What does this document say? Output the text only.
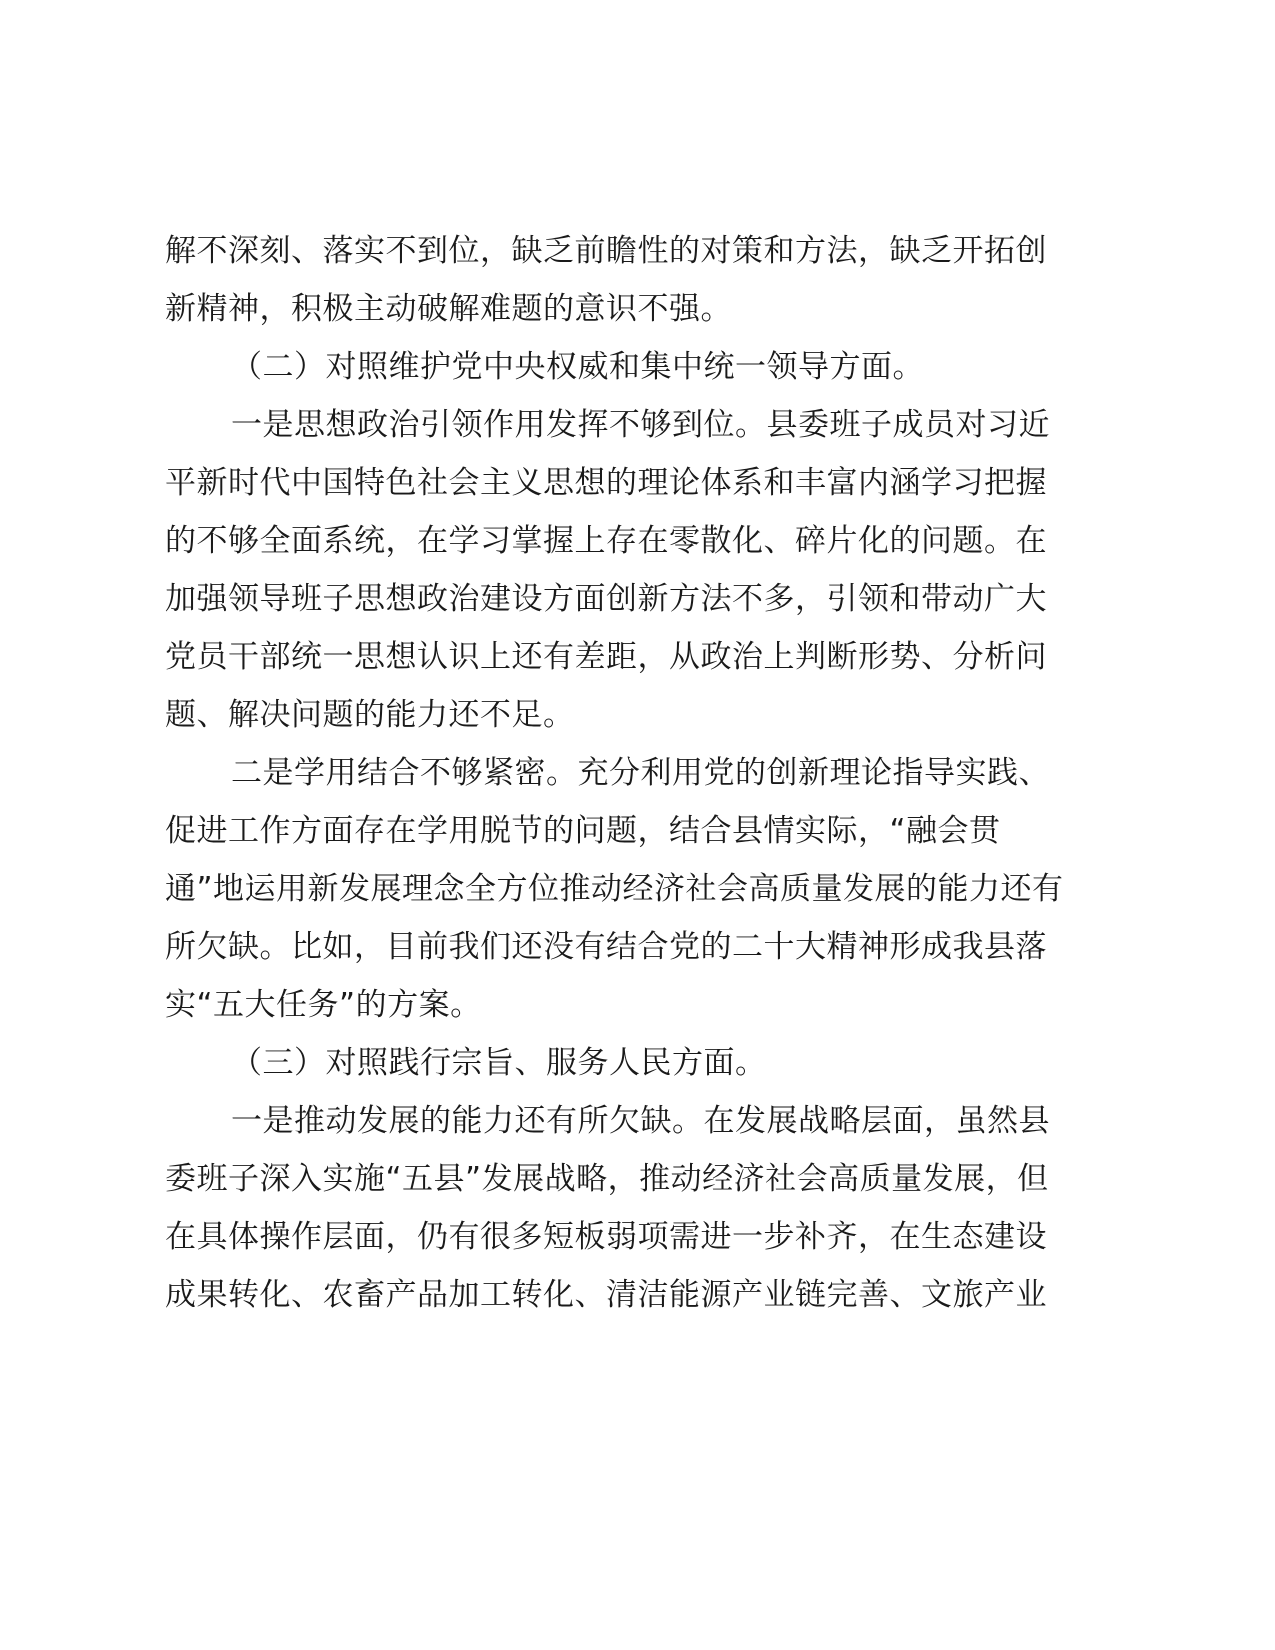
解不深刻、落实不到位，缺乏前瞻性的对策和方法，缺乏开拓创
新精神，积极主动破解难题的意识不强。
（二）对照维护党中央权威和集中统一领导方面。
一是思想政治引领作用发挥不够到位。县委班子成员对习近
平新时代中国特色社会主义思想的理论体系和丰富内涵学习把握
的不够全面系统，在学习掌握上存在零散化、碎片化的问题。在
加强领导班子思想政治建设方面创新方法不多，引领和带动广大
党员干部统一思想认识上还有差距，从政治上判断形势、分析问
题、解决问题的能力还不足。
二是学用结合不够紧密。充分利用党的创新理论指导实践、
促进工作方面存在学用脱节的问题，结合县情实际，“融会贯
通”地运用新发展理念全方位推动经济社会高质量发展的能力还有
所欠缺。比如，目前我们还没有结合党的二十大精神形成我县落
实“五大任务”的方案。
（三）对照践行宗旨、服务人民方面。
一是推动发展的能力还有所欠缺。在发展战略层面，虽然县
委班子深入实施“五县”发展战略，推动经济社会高质量发展，但
在具体操作层面，仍有很多短板弱项需进一步补齐，在生态建设
成果转化、农畜产品加工转化、清洁能源产业链完善、文旅产业
